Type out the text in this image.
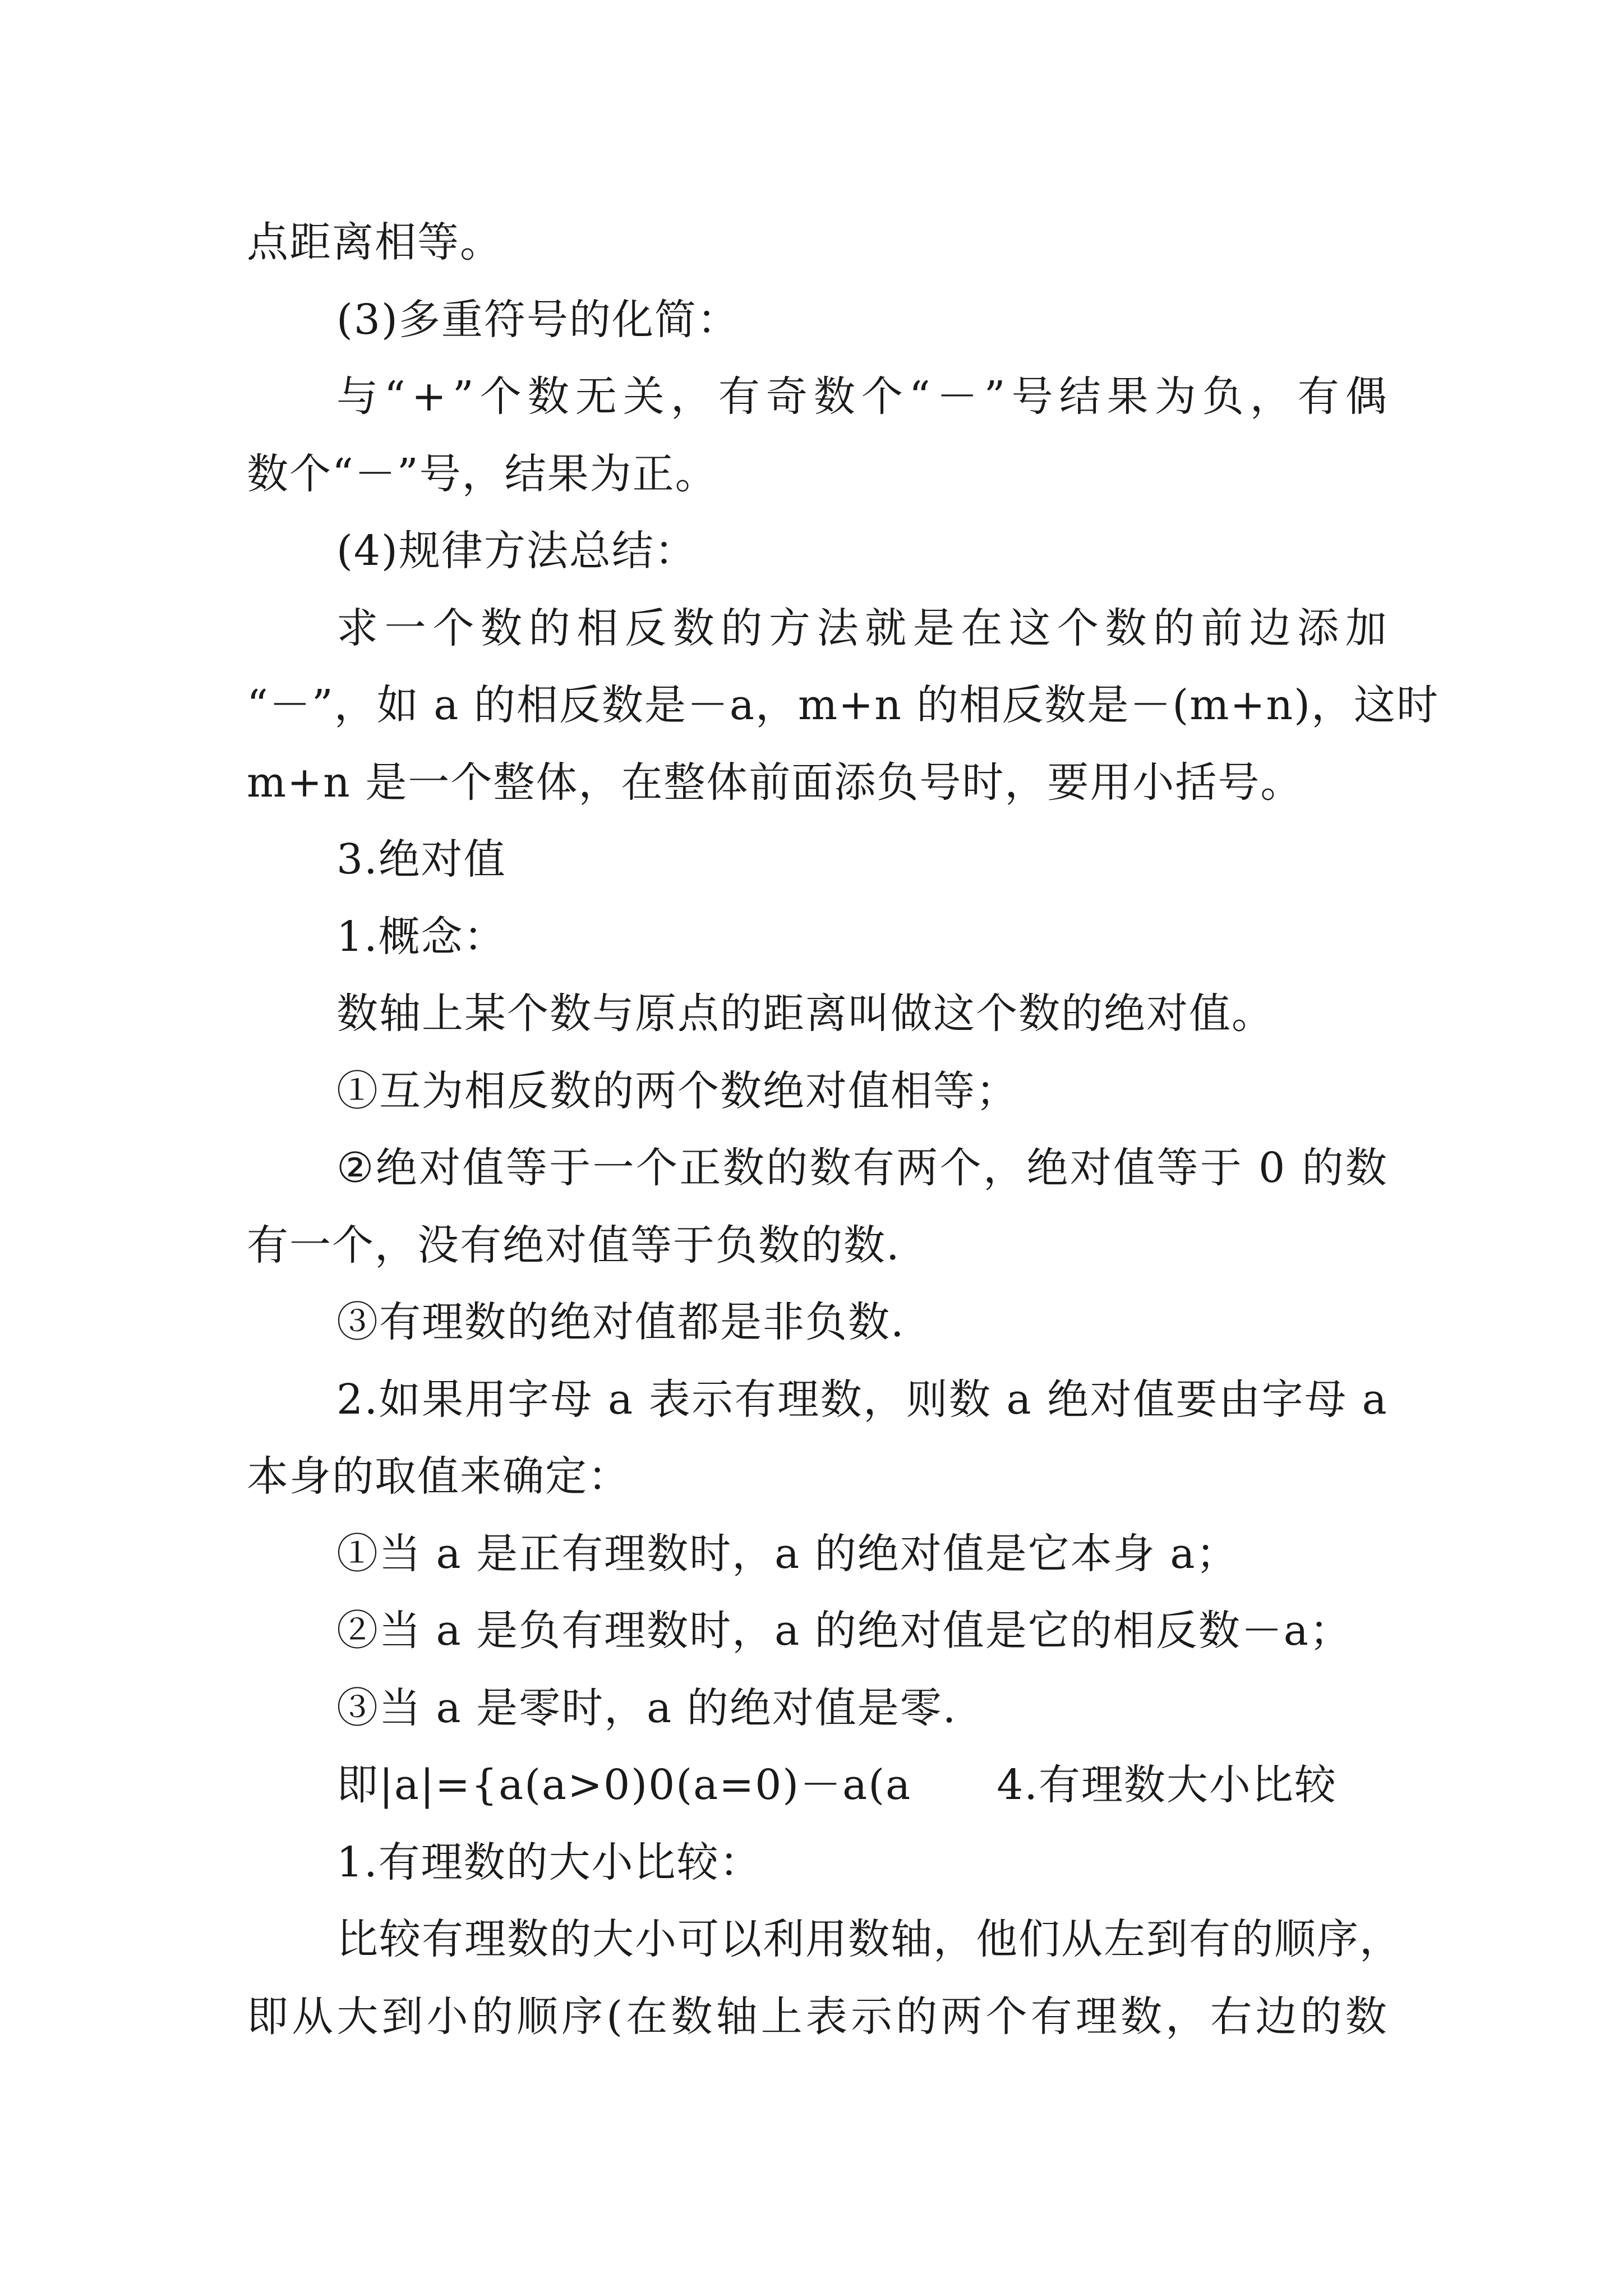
点距离相等。
(3)多重符号的化简：
与 “ + ” 个 数 无 关 ， 有 奇 数 个 “ － ” 号 结 果 为 负 ， 有 偶
数个“－”号，结果为正。
(4)规律方法总结：
求 一 个 数 的 相 反 数 的 方 法 就 是 在 这 个 数 的 前 边 添 加
“ － ” ， 如
a
的 相 反 数 是 － a ， m + n
的 相 反 数 是 － ( m + n ) ， 这 时
m+n 是一个整体，在整体前面添负号时，要用小括号。
3.绝对值
1.概念：
数轴上某个数与原点的距离叫做这个数的绝对值。
①互为相反数的两个数绝对值相等；
② 绝 对 值 等 于 一 个 正 数 的 数 有 两 个 ， 绝 对 值 等 于
0
的 数
有一个，没有绝对值等于负数的数.
③有理数的绝对值都是非负数.
2 . 如 果 用 字 母
a
表 示 有 理 数 ， 则 数
a
绝 对 值 要 由 字 母
a
本身的取值来确定：
①当 a 是正有理数时，a 的绝对值是它本身 a；
②当 a 是负有理数时，a 的绝对值是它的相反数－a；
③当 a 是零时，a 的绝对值是零.
即|a|={a(a>0)0(a=0)－a(a　　4.有理数大小比较
1.有理数的大小比较：
比 较 有 理 数 的 大 小 可 以 利 用 数 轴 ， 他 们 从 左 到 有 的 顺 序 ，
即 从 大 到 小 的 顺 序 ( 在 数 轴 上 表 示 的 两 个 有 理 数 ， 右 边 的 数
